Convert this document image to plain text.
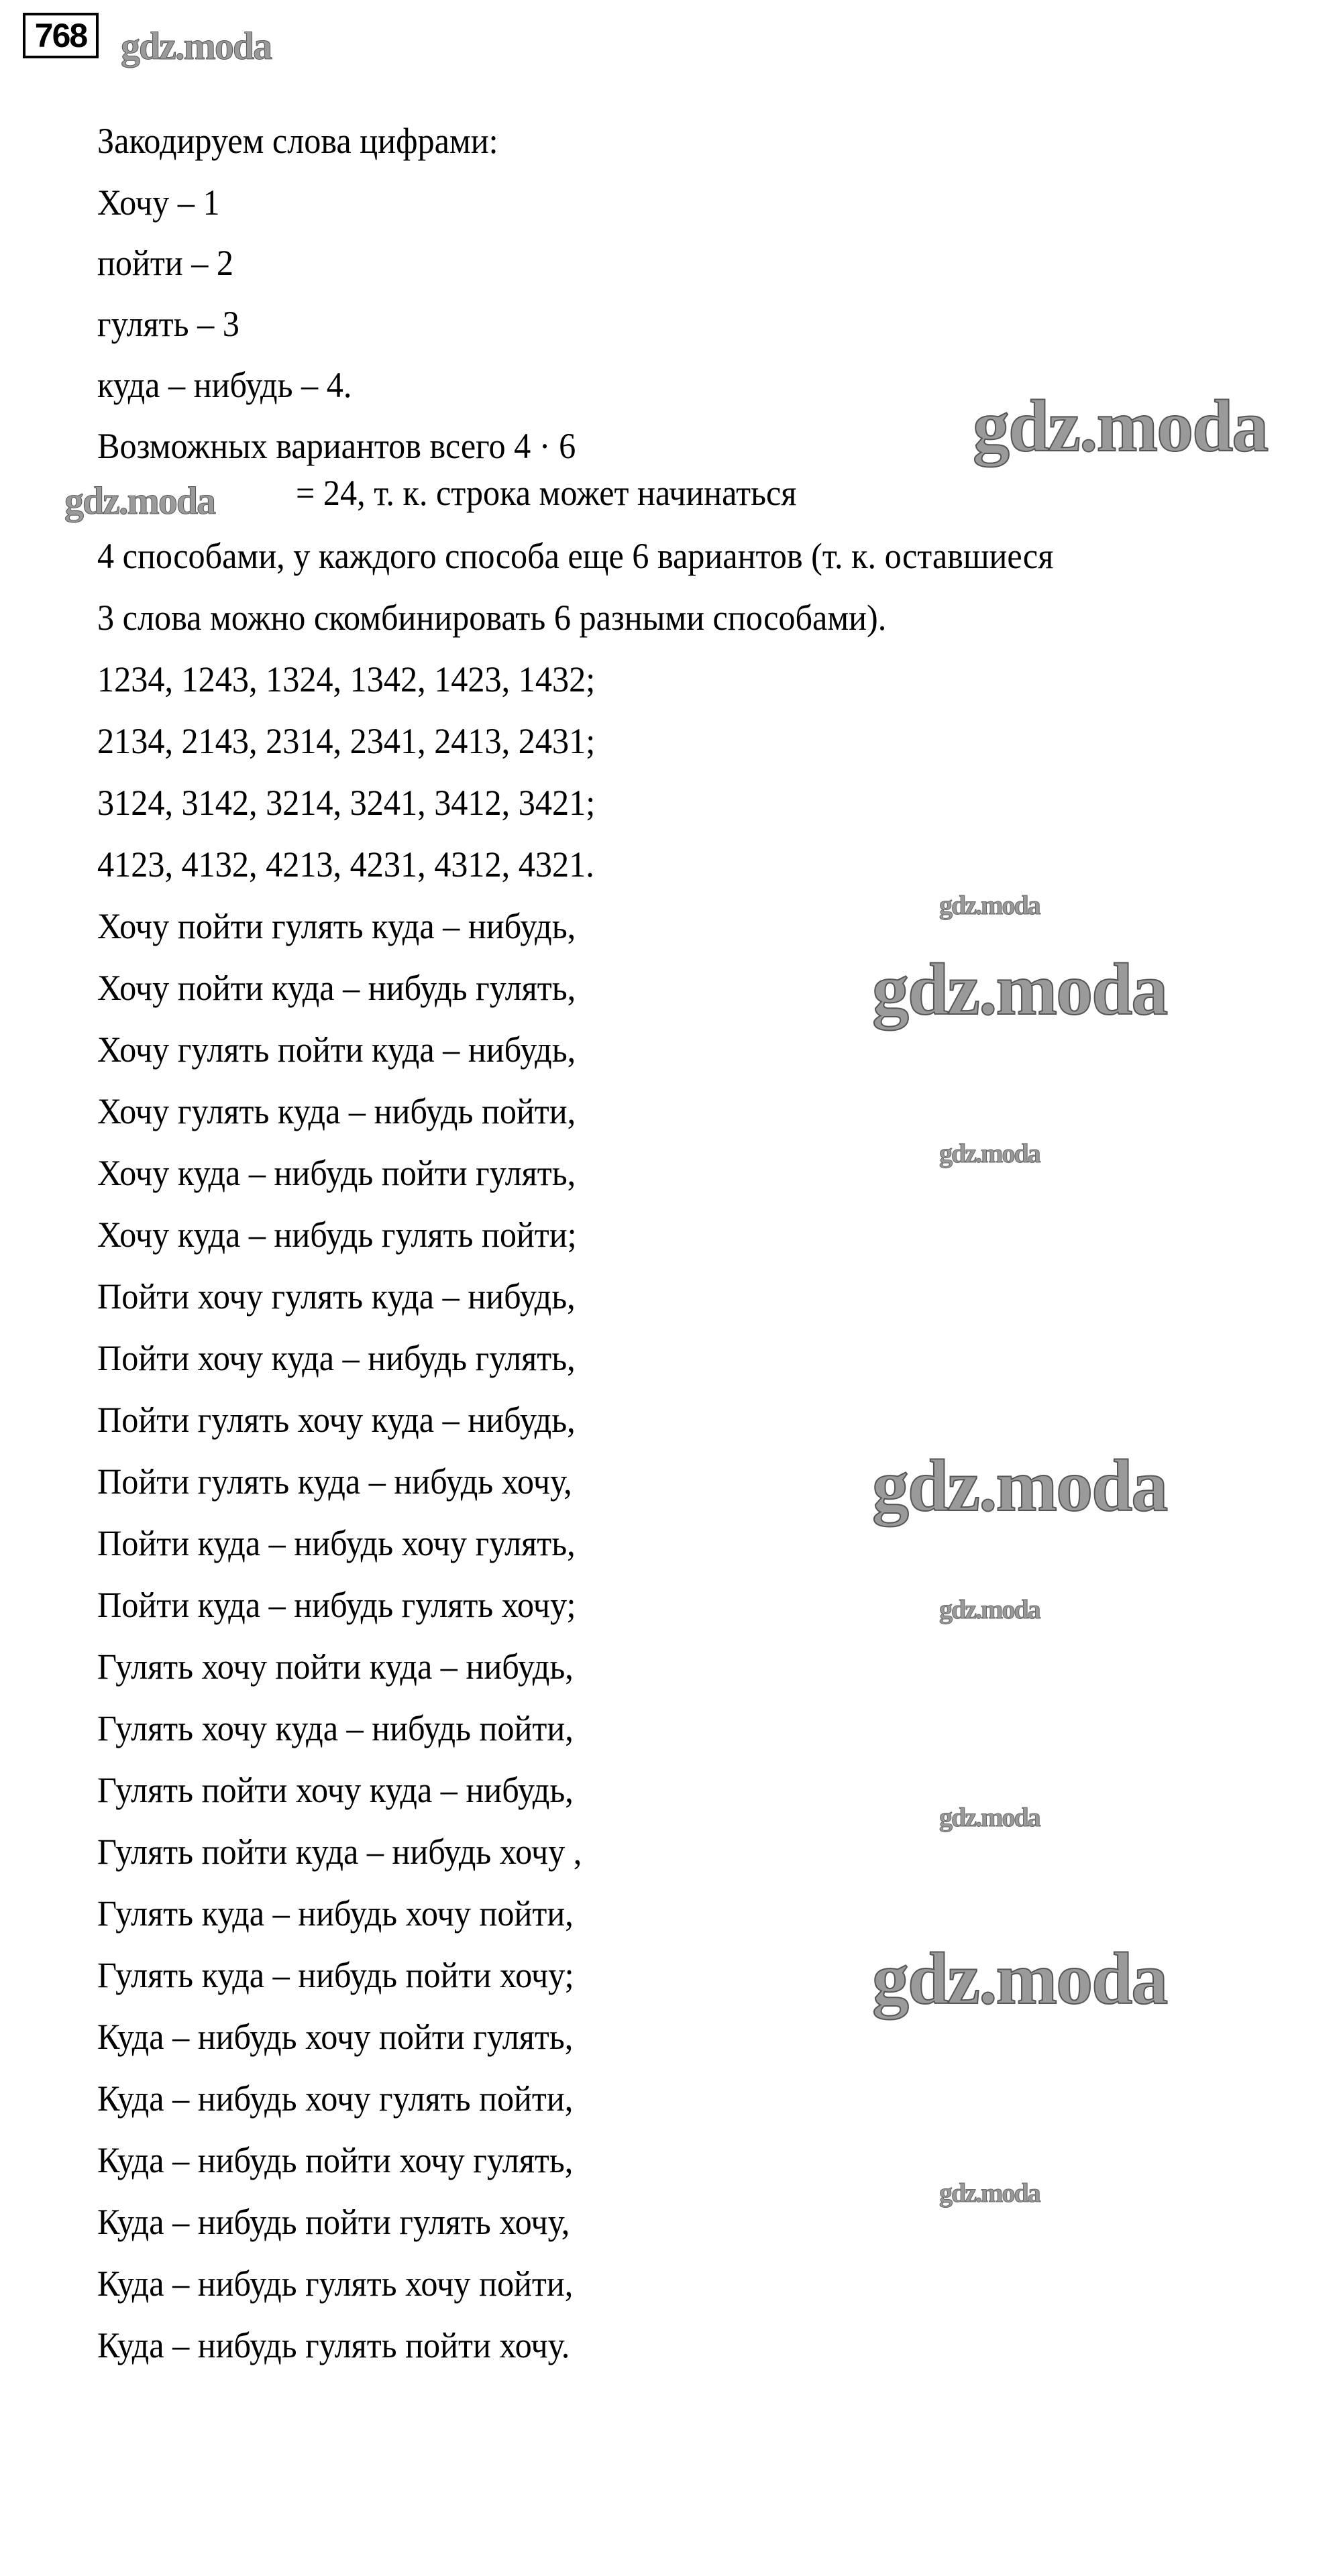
768
Закодируем слова цифрами:
Хочу – 1
пойти – 2
гулять – 3
куда – нибудь – 4.
Возможных вариантов всего 4 · 6
= 24, т. к. строка может начинаться
4 способами, у каждого способа еще 6 вариантов (т. к. оставшиеся
3 слова можно скомбинировать 6 разными способами).
1234, 1243, 1324, 1342, 1423, 1432;
2134, 2143, 2314, 2341, 2413, 2431;
3124, 3142, 3214, 3241, 3412, 3421;
4123, 4132, 4213, 4231, 4312, 4321.
Хочу пойти гулять куда – нибудь,
Хочу пойти куда – нибудь гулять,
Хочу гулять пойти куда – нибудь,
Хочу гулять куда – нибудь пойти,
Хочу куда – нибудь пойти гулять,
Хочу куда – нибудь гулять пойти;
Пойти хочу гулять куда – нибудь,
Пойти хочу куда – нибудь гулять,
Пойти гулять хочу куда – нибудь,
Пойти гулять куда – нибудь хочу,
Пойти куда – нибудь хочу гулять,
Пойти куда – нибудь гулять хочу;
Гулять хочу пойти куда – нибудь,
Гулять хочу куда – нибудь пойти,
Гулять пойти хочу куда – нибудь,
Гулять пойти куда – нибудь хочу ,
Гулять куда – нибудь хочу пойти,
Гулять куда – нибудь пойти хочу;
Куда – нибудь хочу пойти гулять,
Куда – нибудь хочу гулять пойти,
Куда – нибудь пойти хочу гулять,
Куда – нибудь пойти гулять хочу,
Куда – нибудь гулять хочу пойти,
Куда – нибудь гулять пойти хочу.
gdz.moda
gdz.moda
gdz.moda
gdz.moda
gdz.moda
gdz.moda
gdz.moda
gdz.moda
gdz.moda
gdz.moda
gdz.moda
